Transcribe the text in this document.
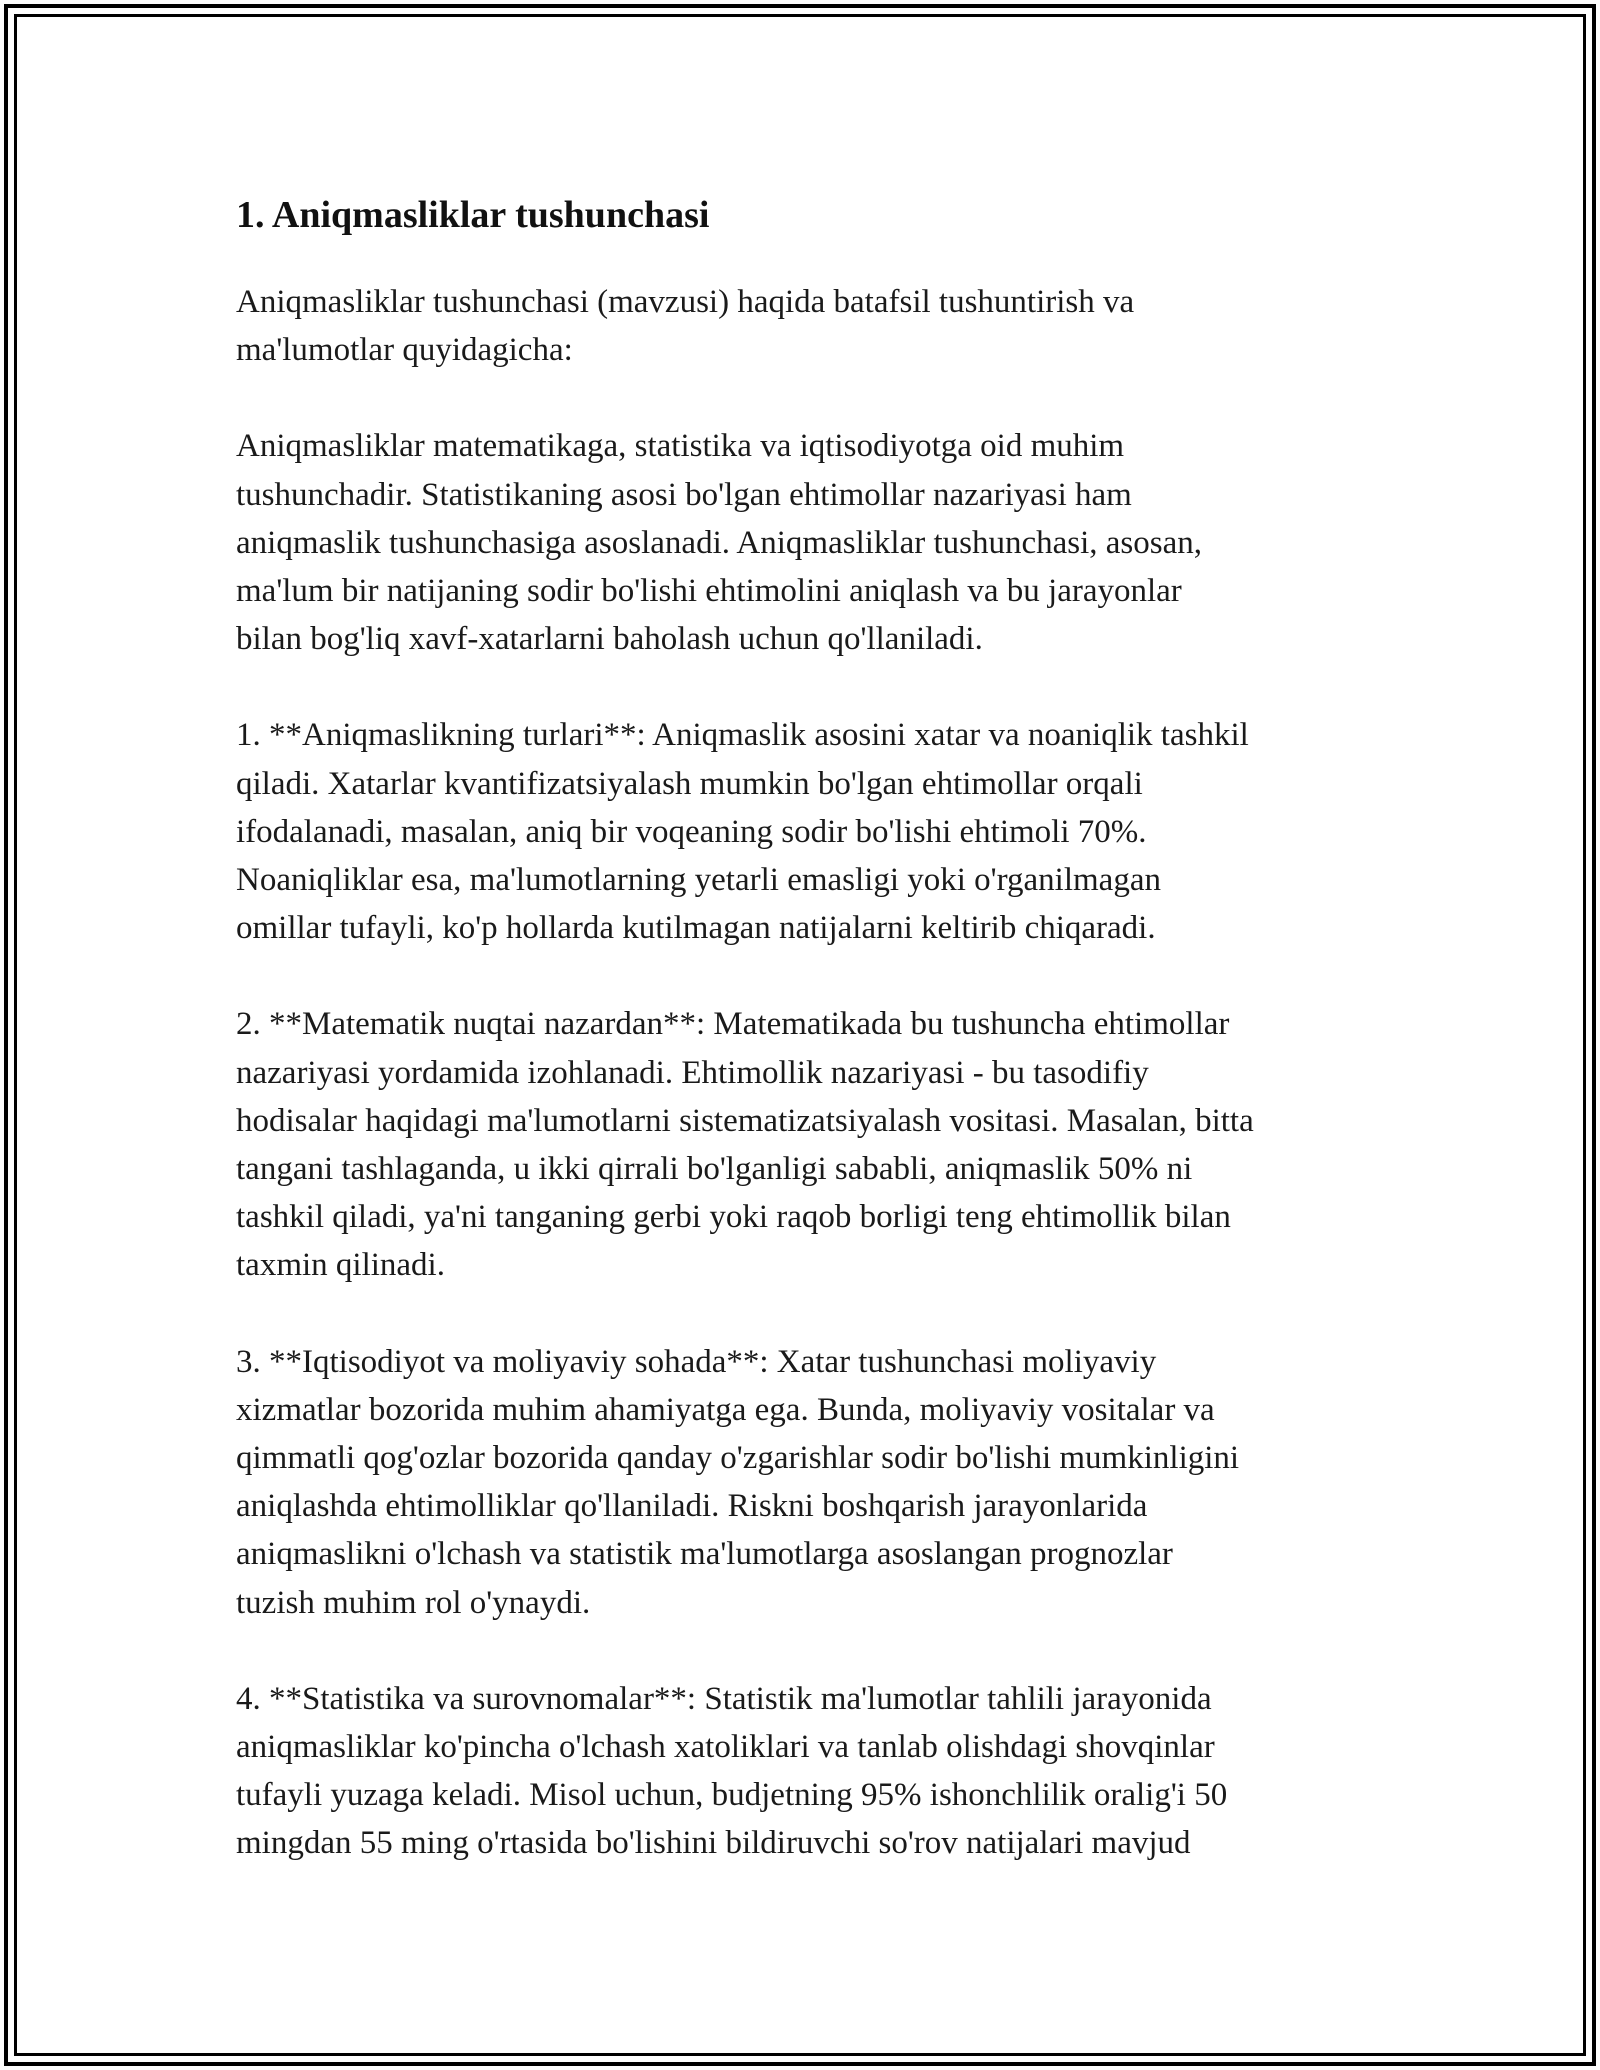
1. Aniqmasliklar tushunchasi

Aniqmasliklar tushunchasi (mavzusi) haqida batafsil tushuntirish va
ma'lumotlar quyidagicha:

Aniqmasliklar matematikaga, statistika va iqtisodiyotga oid muhim
tushunchadir. Statistikaning asosi bo'lgan ehtimollar nazariyasi ham
aniqmaslik tushunchasiga asoslanadi. Aniqmasliklar tushunchasi, asosan,
ma'lum bir natijaning sodir bo'lishi ehtimolini aniqlash va bu jarayonlar
bilan bog'liq xavf-xatarlarni baholash uchun qo'llaniladi.

1. **Aniqmaslikning turlari**: Aniqmaslik asosini xatar va noaniqlik tashkil
qiladi. Xatarlar kvantifizatsiyalash mumkin bo'lgan ehtimollar orqali
ifodalanadi, masalan, aniq bir voqeaning sodir bo'lishi ehtimoli 70%.
Noaniqliklar esa, ma'lumotlarning yetarli emasligi yoki o'rganilmagan
omillar tufayli, ko'p hollarda kutilmagan natijalarni keltirib chiqaradi.

2. **Matematik nuqtai nazardan**: Matematikada bu tushuncha ehtimollar
nazariyasi yordamida izohlanadi. Ehtimollik nazariyasi - bu tasodifiy
hodisalar haqidagi ma'lumotlarni sistematizatsiyalash vositasi. Masalan, bitta
tangani tashlaganda, u ikki qirrali bo'lganligi sababli, aniqmaslik 50% ni
tashkil qiladi, ya'ni tanganing gerbi yoki raqob borligi teng ehtimollik bilan
taxmin qilinadi.

3. **Iqtisodiyot va moliyaviy sohada**: Xatar tushunchasi moliyaviy
xizmatlar bozorida muhim ahamiyatga ega. Bunda, moliyaviy vositalar va
qimmatli qog'ozlar bozorida qanday o'zgarishlar sodir bo'lishi mumkinligini
aniqlashda ehtimolliklar qo'llaniladi. Riskni boshqarish jarayonlarida
aniqmaslikni o'lchash va statistik ma'lumotlarga asoslangan prognozlar
tuzish muhim rol o'ynaydi.

4. **Statistika va surovnomalar**: Statistik ma'lumotlar tahlili jarayonida
aniqmasliklar ko'pincha o'lchash xatoliklari va tanlab olishdagi shovqinlar
tufayli yuzaga keladi. Misol uchun, budjetning 95% ishonchlilik oralig'i 50
mingdan 55 ming o'rtasida bo'lishini bildiruvchi so'rov natijalari mavjud
